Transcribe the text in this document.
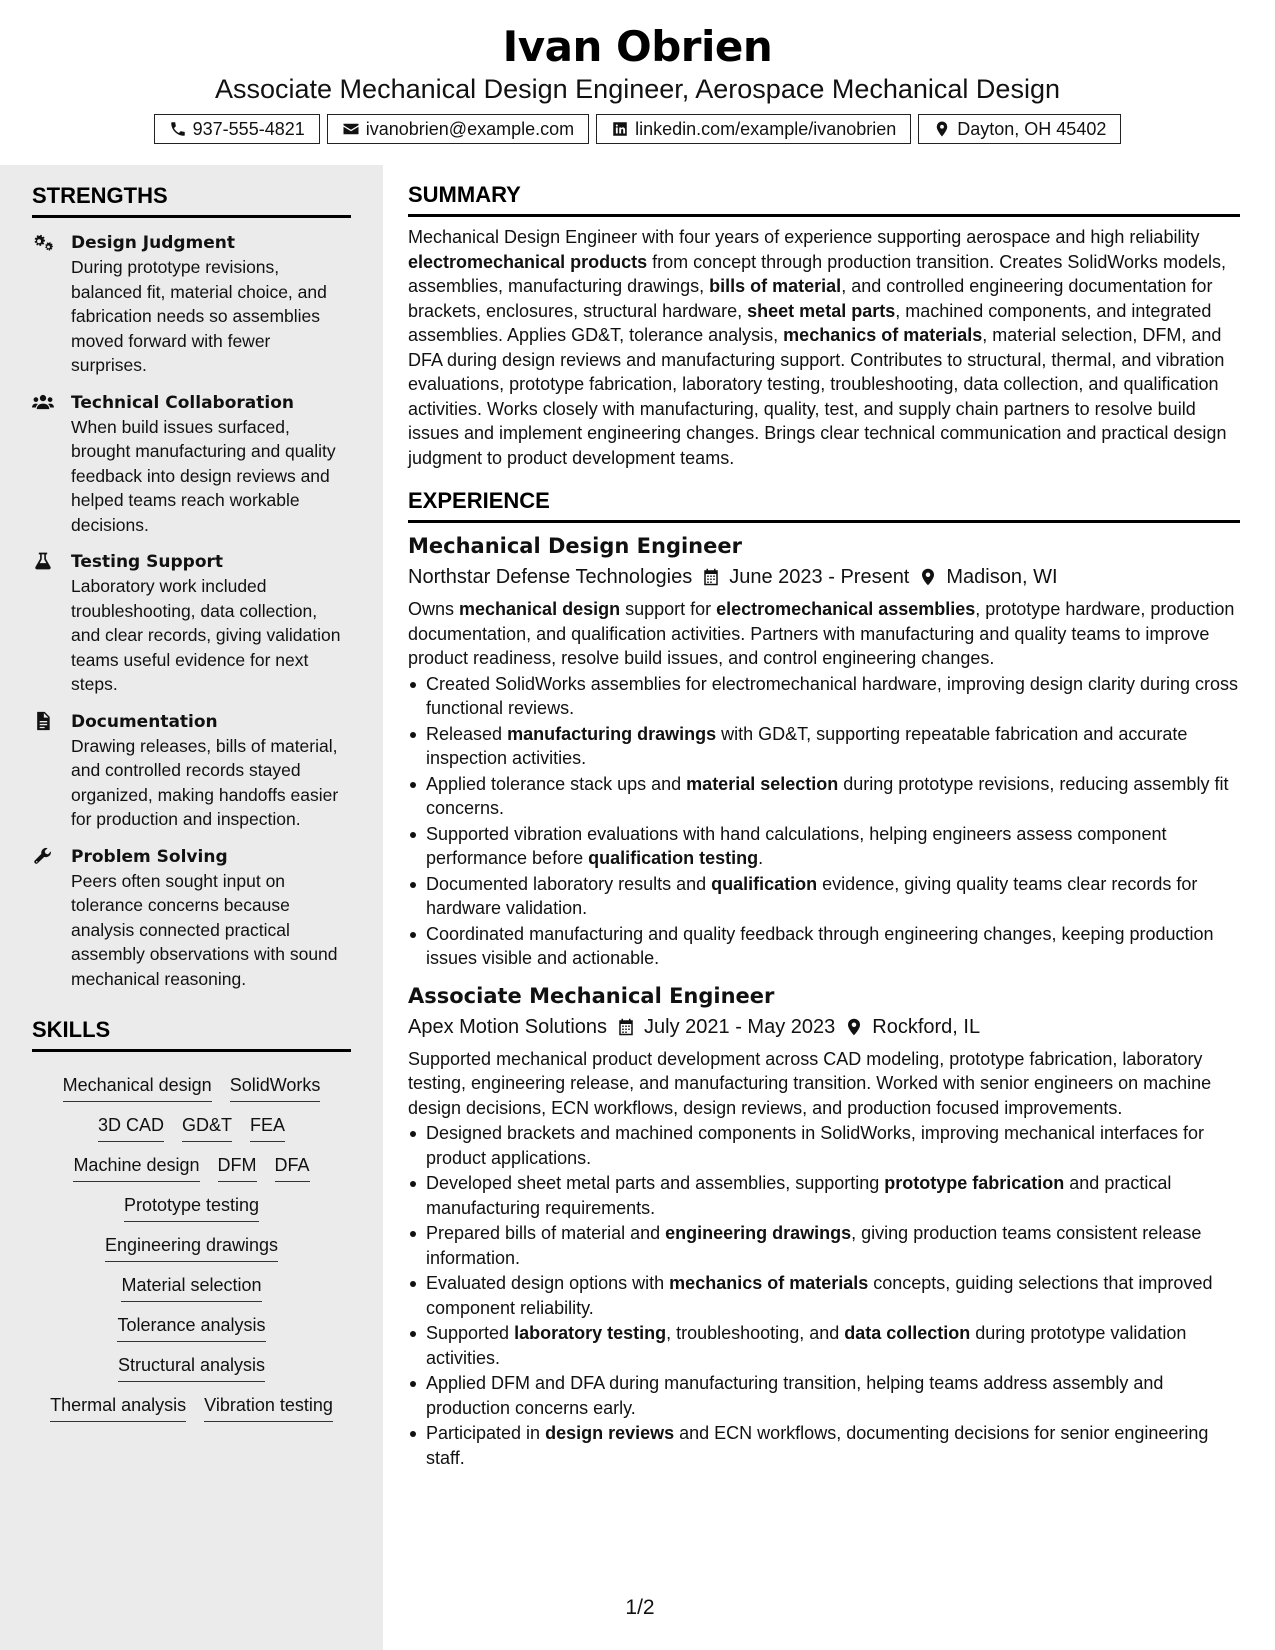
Ivan Obrien
Associate Mechanical Design Engineer, Aerospace Mechanical Design
937-555-4821	ivanobrien@example.com	linkedin.com/example/ivanobrien	Dayton, OH 45402
STRENGTHS
Design Judgment
During prototype revisions, balanced fit, material choice, and fabrication needs so assemblies moved forward with fewer surprises.
Technical Collaboration
When build issues surfaced, brought manufacturing and quality feedback into design reviews and helped teams reach workable decisions.
Testing Support
Laboratory work included troubleshooting, data collection, and clear records, giving validation teams useful evidence for next steps.
Documentation
Drawing releases, bills of material, and controlled records stayed organized, making handoffs easier for production and inspection.
Problem Solving
Peers often sought input on tolerance concerns because analysis connected practical assembly observations with sound mechanical reasoning.
SKILLS
Mechanical design SolidWorks
3D CAD GD&T FEA
Machine design DFM DFA
Prototype testing
Engineering drawings
Material selection
Tolerance analysis
Structural analysis
Thermal analysis Vibration testing
SUMMARY
Mechanical Design Engineer with four years of experience supporting aerospace and high reliability electromechanical products from concept through production transition. Creates SolidWorks models, assemblies, manufacturing drawings, bills of material, and controlled engineering documentation for brackets, enclosures, structural hardware, sheet metal parts, machined components, and integrated assemblies. Applies GD&T, tolerance analysis, mechanics of materials, material selection, DFM, and DFA during design reviews and manufacturing support. Contributes to structural, thermal, and vibration evaluations, prototype fabrication, laboratory testing, troubleshooting, data collection, and qualification activities. Works closely with manufacturing, quality, test, and supply chain partners to resolve build issues and implement engineering changes. Brings clear technical communication and practical design judgment to product development teams.
EXPERIENCE
Mechanical Design Engineer
Northstar Defense Technologies June 2023 - Present Madison, WI
Owns mechanical design support for electromechanical assemblies, prototype hardware, production documentation, and qualification activities. Partners with manufacturing and quality teams to improve product readiness, resolve build issues, and control engineering changes.
Created SolidWorks assemblies for electromechanical hardware, improving design clarity during cross functional reviews.
Released manufacturing drawings with GD&T, supporting repeatable fabrication and accurate inspection activities.
Applied tolerance stack ups and material selection during prototype revisions, reducing assembly fit concerns.
Supported vibration evaluations with hand calculations, helping engineers assess component performance before qualification testing.
Documented laboratory results and qualification evidence, giving quality teams clear records for hardware validation.
Coordinated manufacturing and quality feedback through engineering changes, keeping production issues visible and actionable.
Associate Mechanical Engineer
Apex Motion Solutions July 2021 - May 2023 Rockford, IL
Supported mechanical product development across CAD modeling, prototype fabrication, laboratory testing, engineering release, and manufacturing transition. Worked with senior engineers on machine design decisions, ECN workflows, design reviews, and production focused improvements.
Designed brackets and machined components in SolidWorks, improving mechanical interfaces for product applications.
Developed sheet metal parts and assemblies, supporting prototype fabrication and practical manufacturing requirements.
Prepared bills of material and engineering drawings, giving production teams consistent release information.
Evaluated design options with mechanics of materials concepts, guiding selections that improved component reliability.
Supported laboratory testing, troubleshooting, and data collection during prototype validation activities.
Applied DFM and DFA during manufacturing transition, helping teams address assembly and production concerns early.
Participated in design reviews and ECN workflows, documenting decisions for senior engineering staff.
1/2
